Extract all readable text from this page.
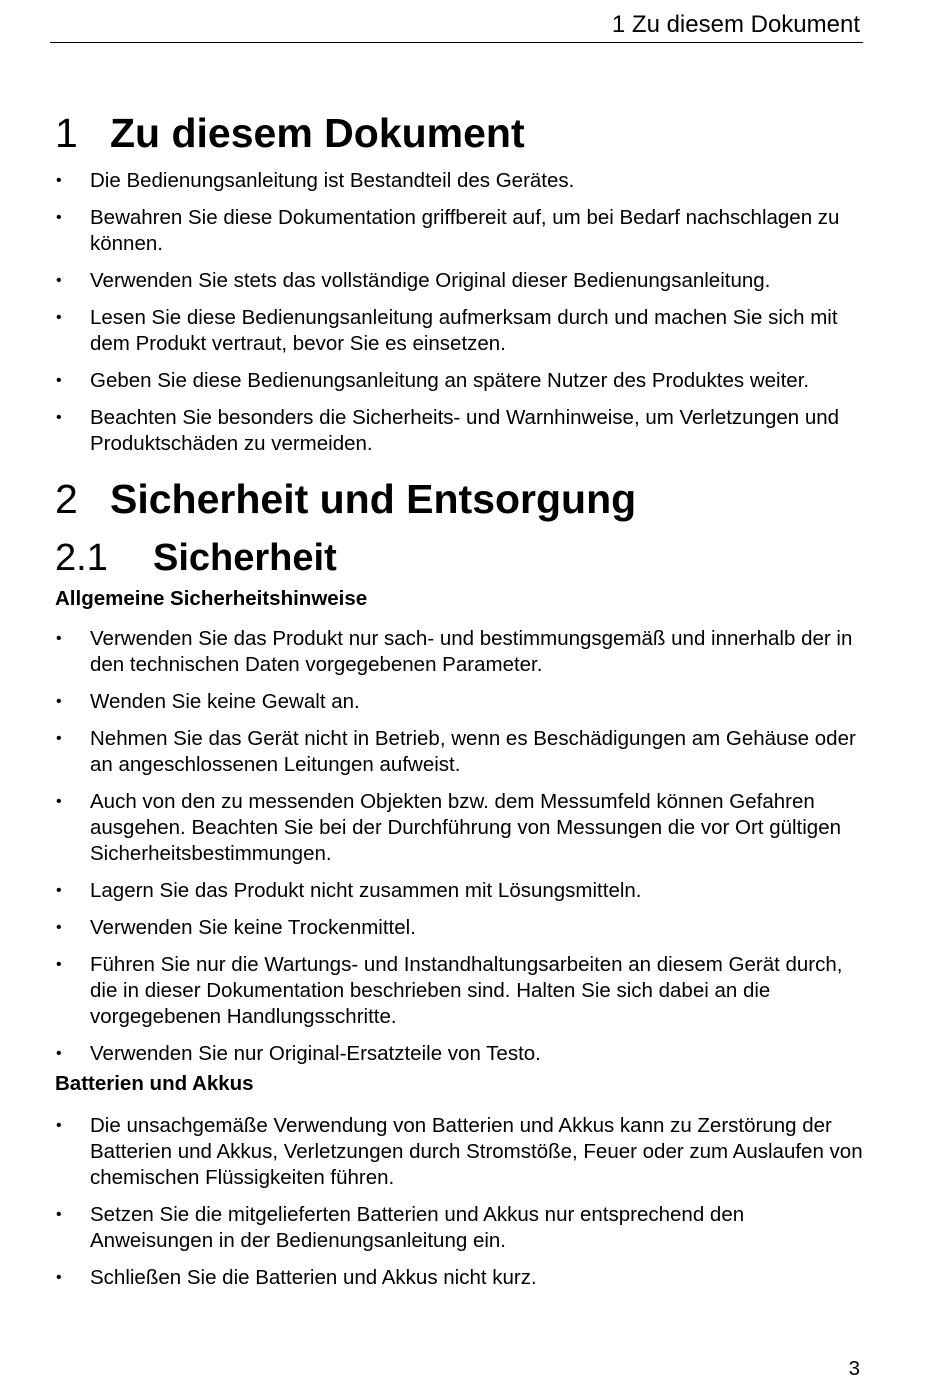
1 Zu diesem Dokument
1 Zu diesem Dokument
• Die Bedienungsanleitung ist Bestandteil des Gerätes.
• Bewahren Sie diese Dokumentation griffbereit auf, um bei Bedarf nachschlagen zu können.
• Verwenden Sie stets das vollständige Original dieser Bedienungsanleitung.
• Lesen Sie diese Bedienungsanleitung aufmerksam durch und machen Sie sich mit dem Produkt vertraut, bevor Sie es einsetzen.
• Geben Sie diese Bedienungsanleitung an spätere Nutzer des Produktes weiter.
• Beachten Sie besonders die Sicherheits- und Warnhinweise, um Verletzungen und Produktschäden zu vermeiden.
2 Sicherheit und Entsorgung
2.1	Sicherheit

Allgemeine Sicherheitshinweise

• Verwenden Sie das Produkt nur sach- und bestimmungsgemäß und innerhalb der in den technischen Daten vorgegebenen Parameter.
• Wenden Sie keine Gewalt an.
• Nehmen Sie das Gerät nicht in Betrieb, wenn es Beschädigungen am Gehäuse oder an angeschlossenen Leitungen aufweist.
• Auch von den zu messenden Objekten bzw. dem Messumfeld können Gefahren ausgehen. Beachten Sie bei der Durchführung von Messungen die vor Ort gültigen Sicherheitsbestimmungen.
• Lagern Sie das Produkt nicht zusammen mit Lösungsmitteln.
• Verwenden Sie keine Trockenmittel.
• Führen Sie nur die Wartungs- und Instandhaltungsarbeiten an diesem Gerät durch, die in dieser Dokumentation beschrieben sind. Halten Sie sich dabei an die vorgegebenen Handlungsschritte.
• Verwenden Sie nur Original-Ersatzteile von Testo.

Batterien und Akkus

• Die unsachgemäße Verwendung von Batterien und Akkus kann zu Zerstörung der Batterien und Akkus, Verletzungen durch Stromstöße, Feuer oder zum Auslaufen von chemischen Flüssigkeiten führen.
• Setzen Sie die mitgelieferten Batterien und Akkus nur entsprechend den Anweisungen in der Bedienungsanleitung ein.
• Schließen Sie die Batterien und Akkus nicht kurz.
3
